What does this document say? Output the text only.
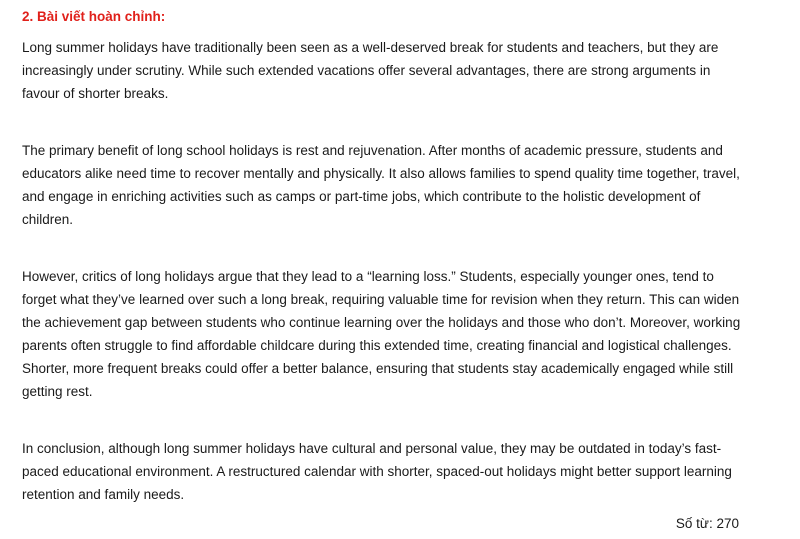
2. Bài viết hoàn chỉnh:

Long summer holidays have traditionally been seen as a well-deserved break for students and teachers, but they are increasingly under scrutiny. While such extended vacations offer several advantages, there are strong arguments in favour of shorter breaks.

The primary benefit of long school holidays is rest and rejuvenation. After months of academic pressure, students and educators alike need time to recover mentally and physically. It also allows families to spend quality time together, travel, and engage in enriching activities such as camps or part-time jobs, which contribute to the holistic development of children.

However, critics of long holidays argue that they lead to a “learning loss.” Students, especially younger ones, tend to forget what they’ve learned over such a long break, requiring valuable time for revision when they return. This can widen the achievement gap between students who continue learning over the holidays and those who don’t. Moreover, working parents often struggle to find affordable childcare during this extended time, creating financial and logistical challenges. Shorter, more frequent breaks could offer a better balance, ensuring that students stay academically engaged while still getting rest.

In conclusion, although long summer holidays have cultural and personal value, they may be outdated in today’s fast-paced educational environment. A restructured calendar with shorter, spaced-out holidays might better support learning retention and family needs.

Số từ: 270
